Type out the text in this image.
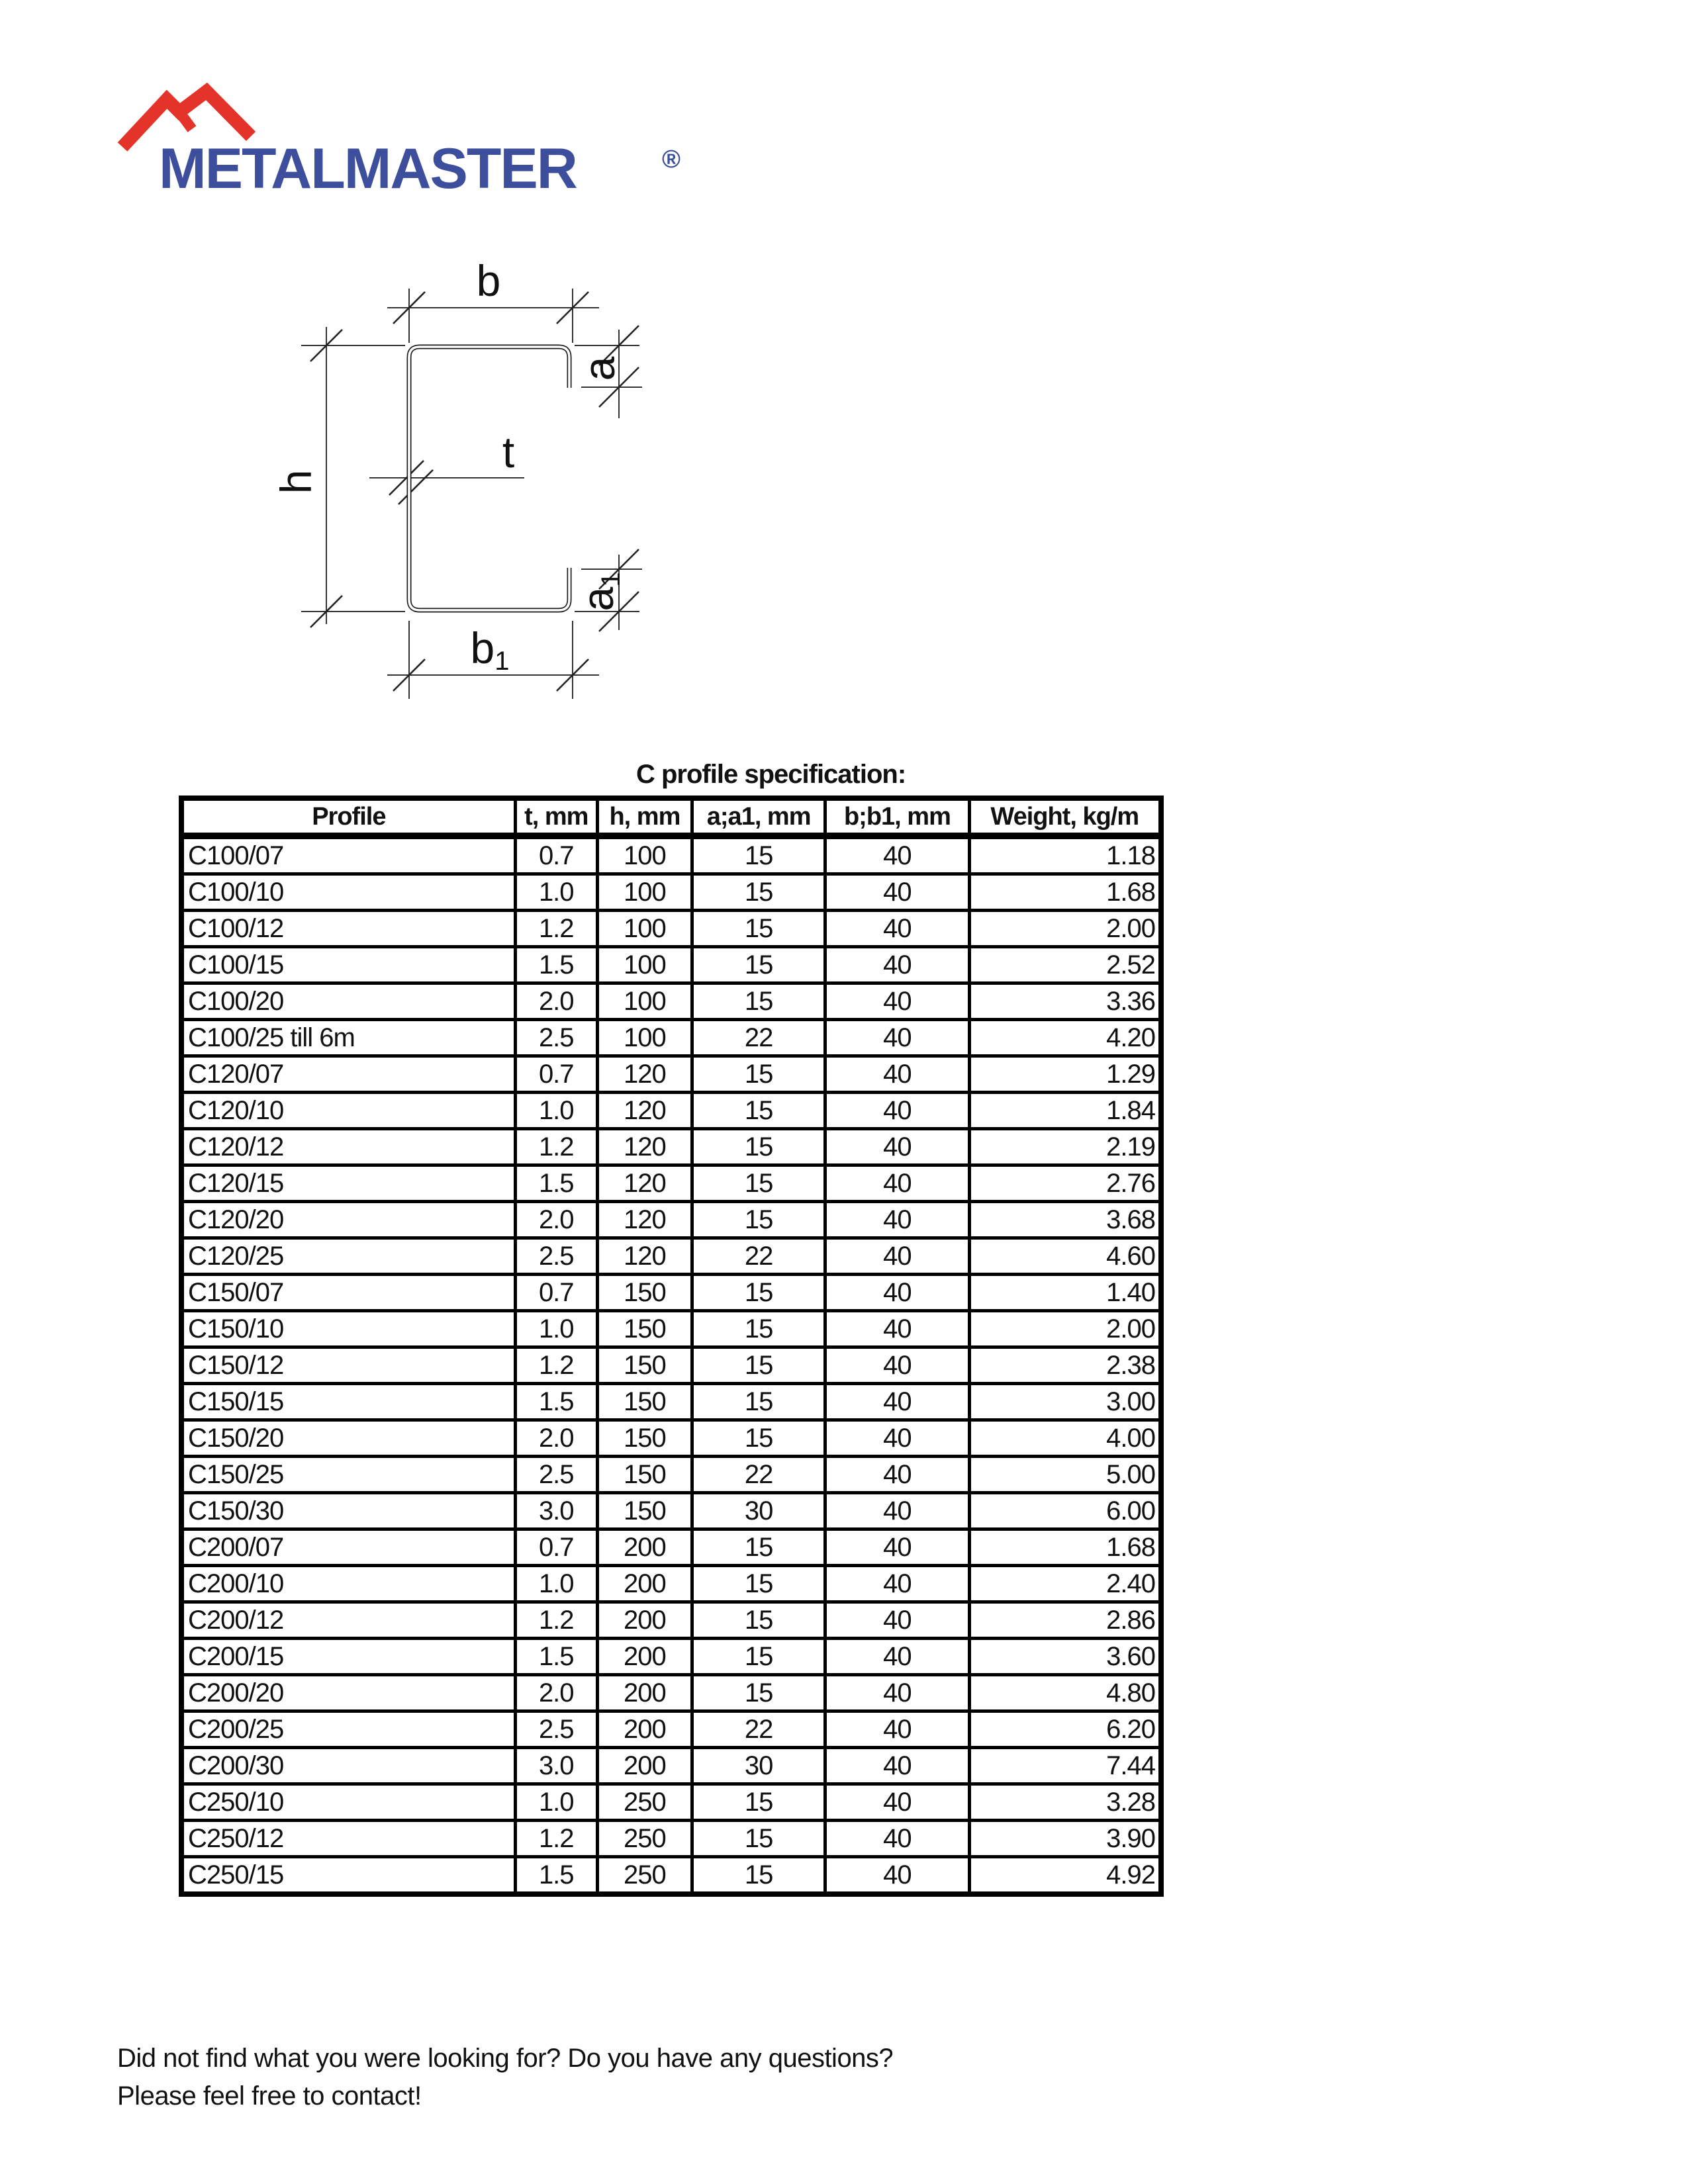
METALMASTER	®
b
a
t
h
a1
b1
C profile specification:
Profile	t, mm	h, mm	a;a1, mm	b;b1, mm	Weight, kg/m
C100/07	0.7	100	15	40	1.18
C100/10	1.0	100	15	40	1.68
C100/12	1.2	100	15	40	2.00
C100/15	1.5	100	15	40	2.52
C100/20	2.0	100	15	40	3.36
C100/25 till 6m	2.5	100	22	40	4.20
C120/07	0.7	120	15	40	1.29
C120/10	1.0	120	15	40	1.84
C120/12	1.2	120	15	40	2.19
C120/15	1.5	120	15	40	2.76
C120/20	2.0	120	15	40	3.68
C120/25	2.5	120	22	40	4.60
C150/07	0.7	150	15	40	1.40
C150/10	1.0	150	15	40	2.00
C150/12	1.2	150	15	40	2.38
C150/15	1.5	150	15	40	3.00
C150/20	2.0	150	15	40	4.00
C150/25	2.5	150	22	40	5.00
C150/30	3.0	150	30	40	6.00
C200/07	0.7	200	15	40	1.68
C200/10	1.0	200	15	40	2.40
C200/12	1.2	200	15	40	2.86
C200/15	1.5	200	15	40	3.60
C200/20	2.0	200	15	40	4.80
C200/25	2.5	200	22	40	6.20
C200/30	3.0	200	30	40	7.44
C250/10	1.0	250	15	40	3.28
C250/12	1.2	250	15	40	3.90
C250/15	1.5	250	15	40	4.92
Did not find what you were looking for? Do you have any questions?
Please feel free to contact!
